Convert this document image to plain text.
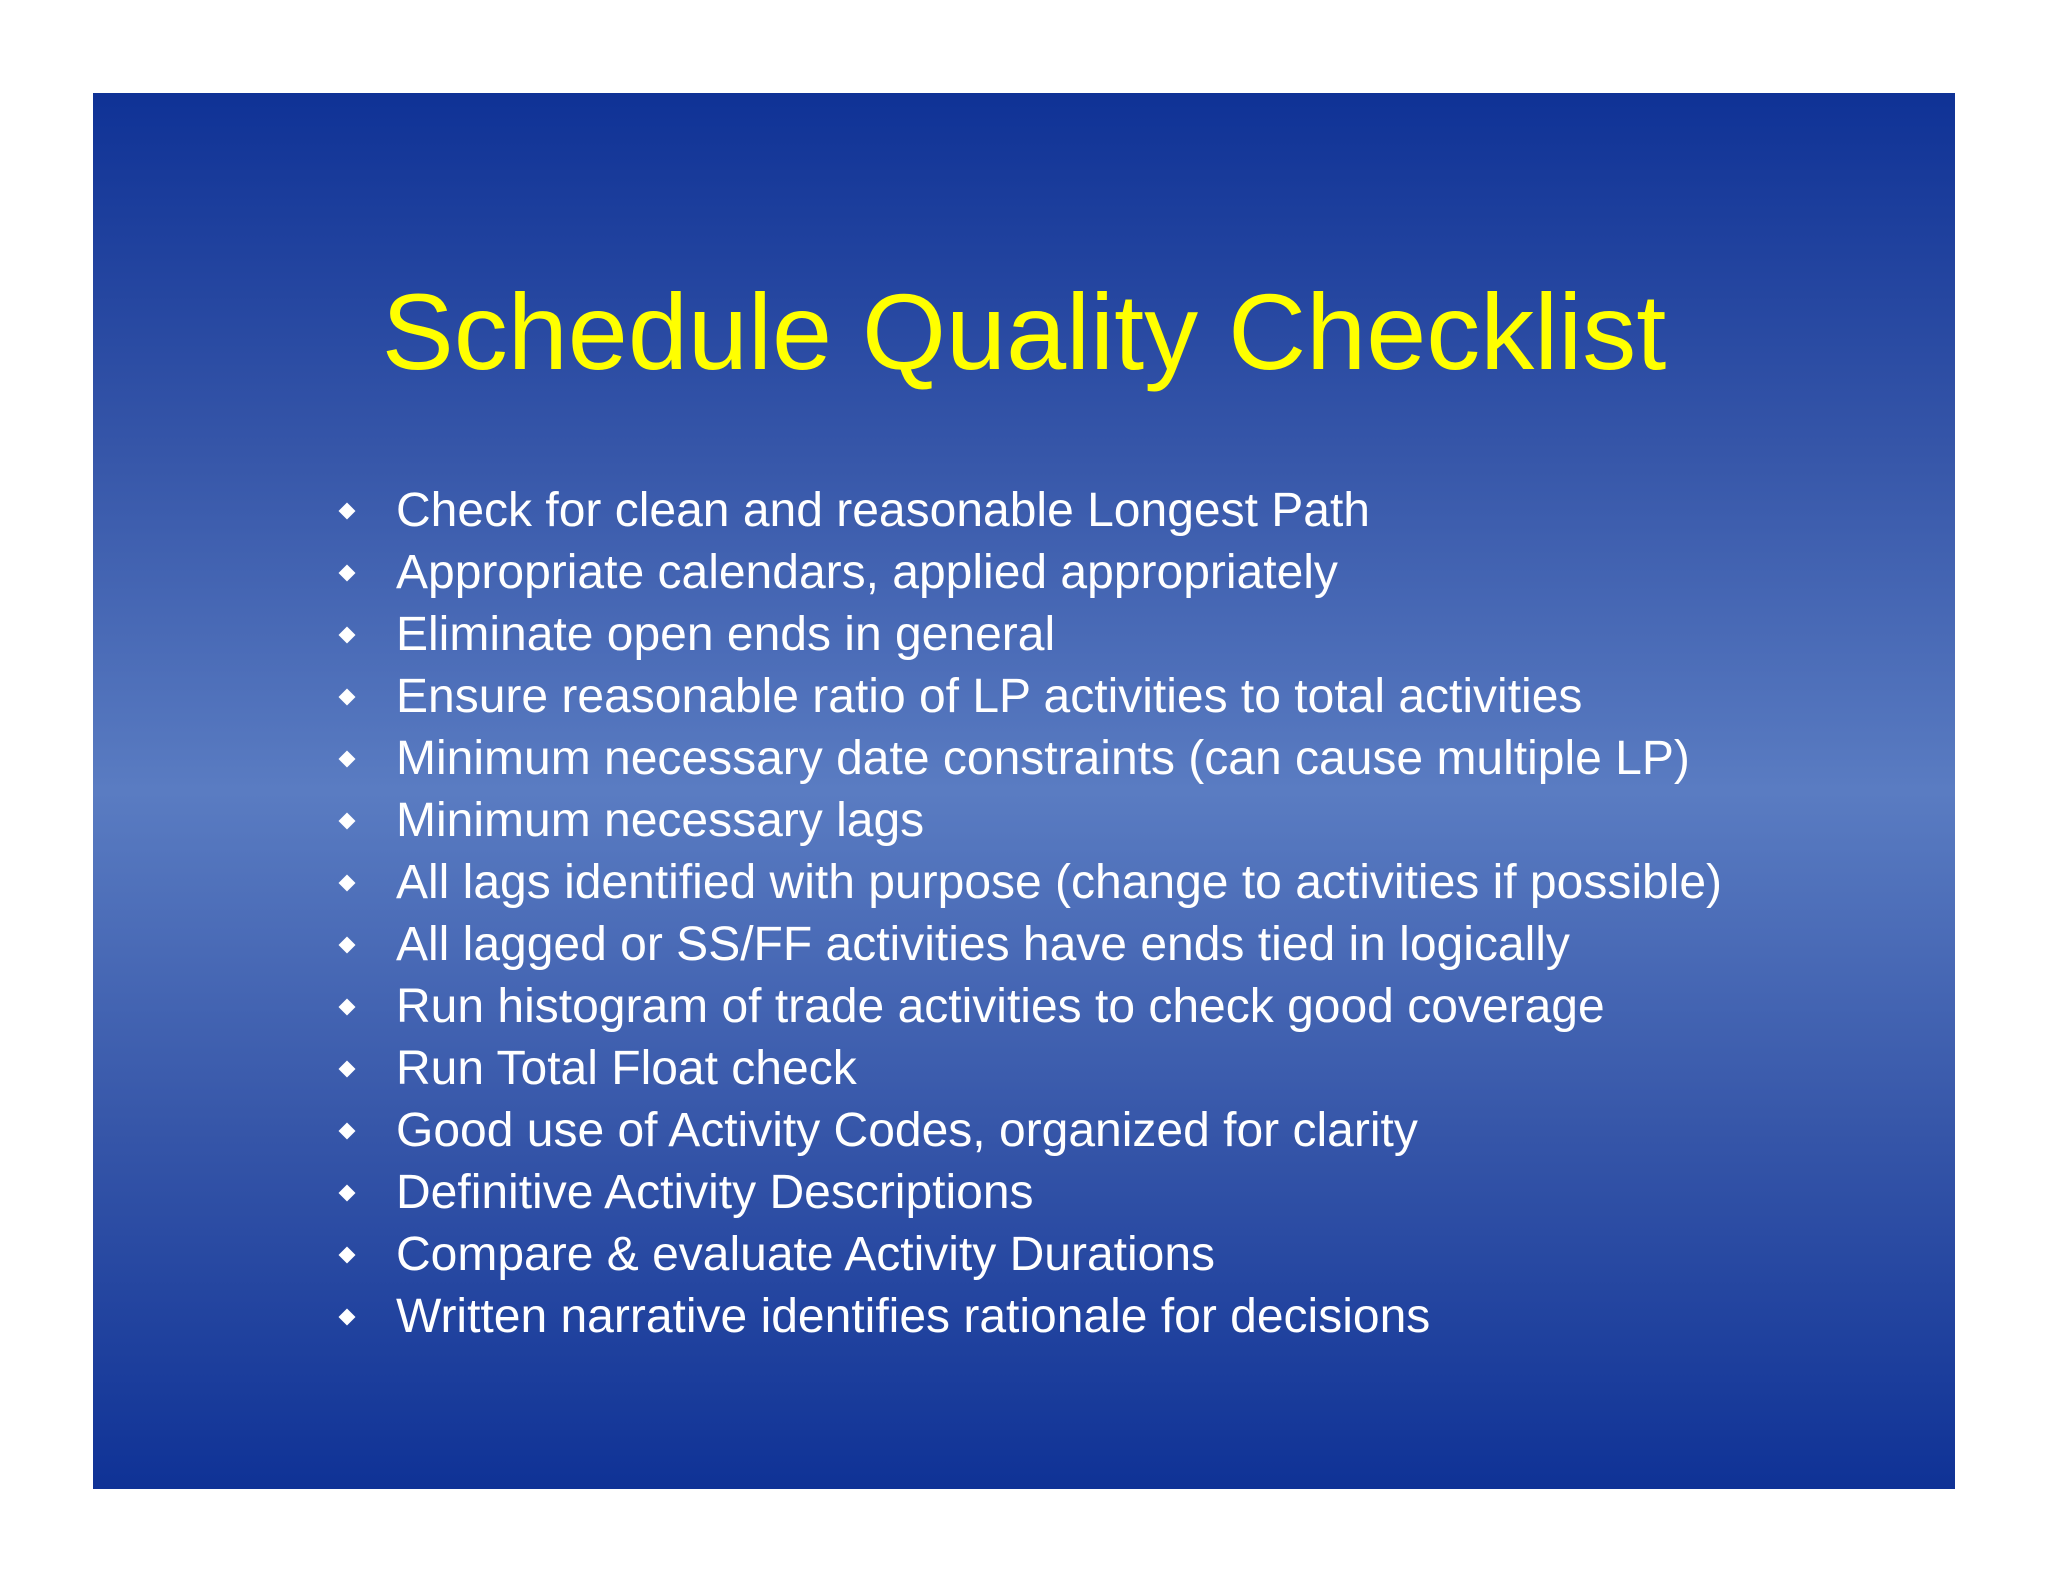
Schedule Quality Checklist
Check for clean and reasonable Longest Path
Appropriate calendars, applied appropriately
Eliminate open ends in general
Ensure reasonable ratio of LP activities to total activities
Minimum necessary date constraints (can cause multiple LP)
Minimum necessary lags
All lags identified with purpose (change to activities if possible)
All lagged or SS/FF activities have ends tied in logically
Run histogram of trade activities to check good coverage
Run Total Float check
Good use of Activity Codes, organized for clarity
Definitive Activity Descriptions
Compare & evaluate Activity Durations
Written narrative identifies rationale for decisions
